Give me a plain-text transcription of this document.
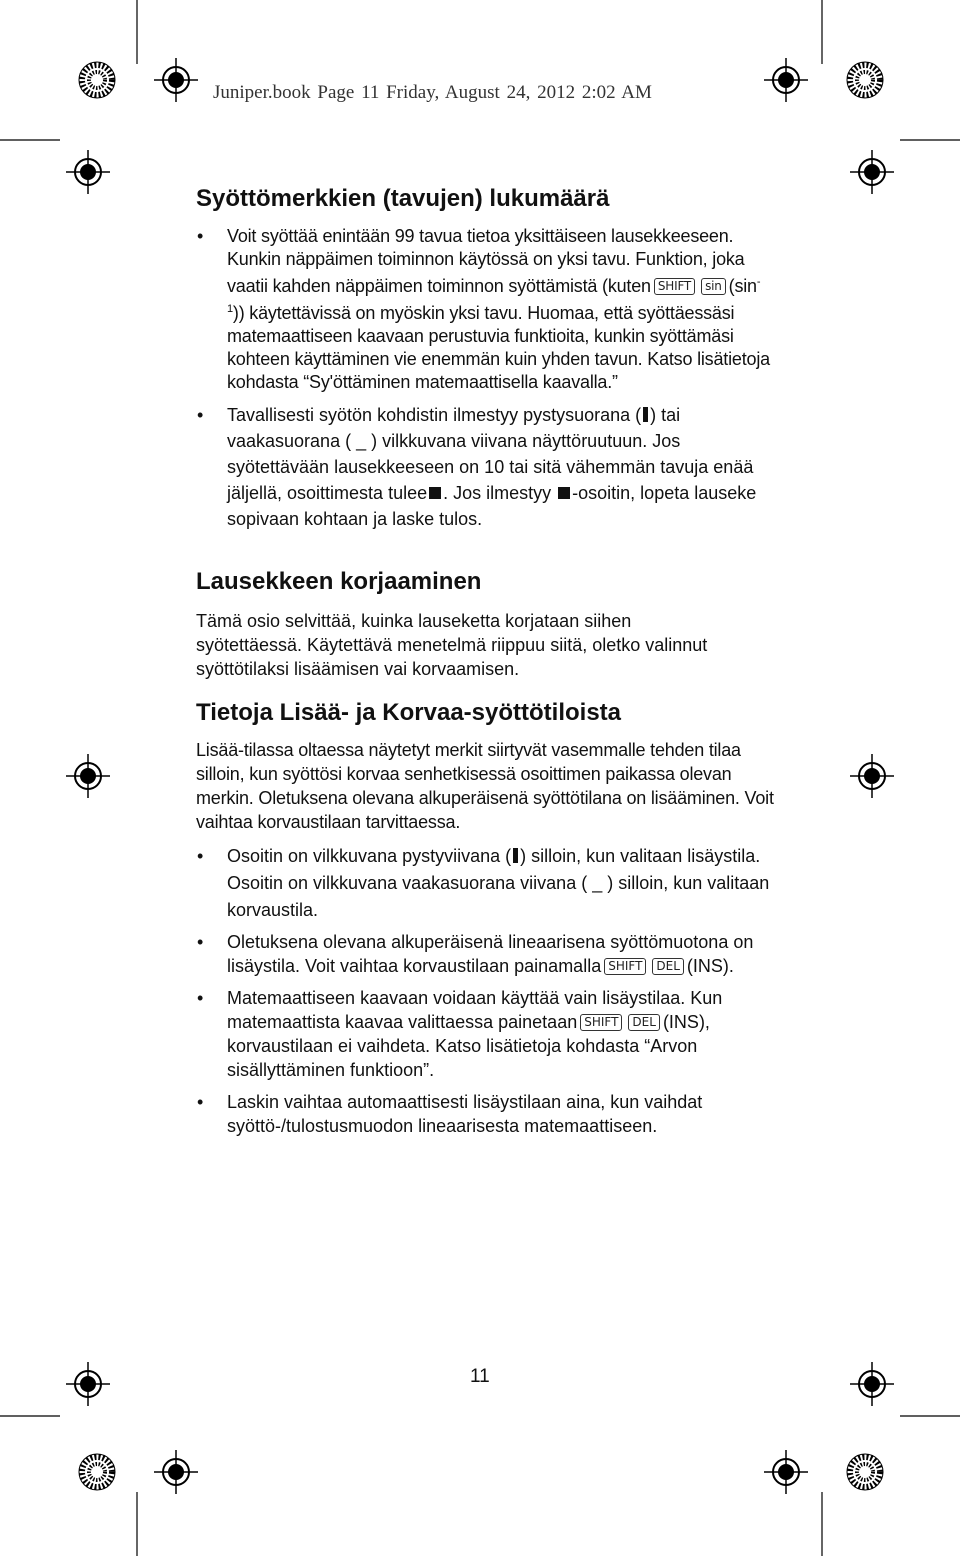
Juniper.book Page 11 Friday, August 24, 2012 2:02 AM
Syöttömerkkien (tavujen) lukumäärä
• Voit syöttää enintään 99 tavua tietoa yksittäiseen lausekkeeseen. Kunkin näppäimen toiminnon käytössä on yksi tavu. Funktion, joka vaatii kahden näppäimen toiminnon syöttämistä (kuten SHIFT $\sin (\sin^{-1})$) käytettävissä on myöskin yksi tavu. Huomaa, että syöttäessäsi matemaattiseen kaavaan perustuvia funktioita, kunkin syöttämäsi kohteen käyttäminen vie enemmän kuin yhden tavun. Katso lisätietoja kohdasta “Sy'öttäminen matemaattisella kaavalla.”
• Tavallisesti syötön kohdistin ilmestyy pystysuorana ( ) tai vaakasuorana ( _ ) vilkkuvana viivana näyttöruutuun. Jos syötettävään lausekkeeseen on 10 tai sitä vähemmän tavuja enää jäljellä, osoittimesta tulee . Jos ilmestyy -osoitin, lopeta lauseke sopivaan kohtaan ja laske tulos.
Lausekkeen korjaaminen
Tämä osio selvittää, kuinka lauseketta korjataan siihen syötettäessä. Käytettävä menetelmä riippuu siitä, oletko valinnut syöttötilaksi lisäämisen vai korvaamisen.
Tietoja Lisää- ja Korvaa-syöttötiloista
Lisää-tilassa oltaessa näytetyt merkit siirtyvät vasemmalle tehden tilaa silloin, kun syöttösi korvaa senhetkisessä osoittimen paikassa olevan merkin. Oletuksena olevana alkuperäisenä syöttötilana on lisääminen. Voit vaihtaa korvaustilaan tarvittaessa.
• Osoitin on vilkkuvana pystyviivana ( ) silloin, kun valitaan lisäystila. Osoitin on vilkkuvana vaakasuorana viivana ( _ ) silloin, kun valitaan korvaustila.
• Oletuksena olevana alkuperäisenä lineaarisena syöttömuotona on lisäystila. Voit vaihtaa korvaustilaan painamalla SHIFT DEL (INS).
• Matemaattiseen kaavaan voidaan käyttää vain lisäystilaa. Kun matemaattista kaavaa valittaessa painetaan SHIFT DEL (INS), korvaustilaan ei vaihdeta. Katso lisätietoja kohdasta “Arvon sisällyttäminen funktioon”.
• Laskin vaihtaa automaattisesti lisäystilaan aina, kun vaihdat syöttö-/tulostusmuodon lineaarisesta matemaattiseen.
11
